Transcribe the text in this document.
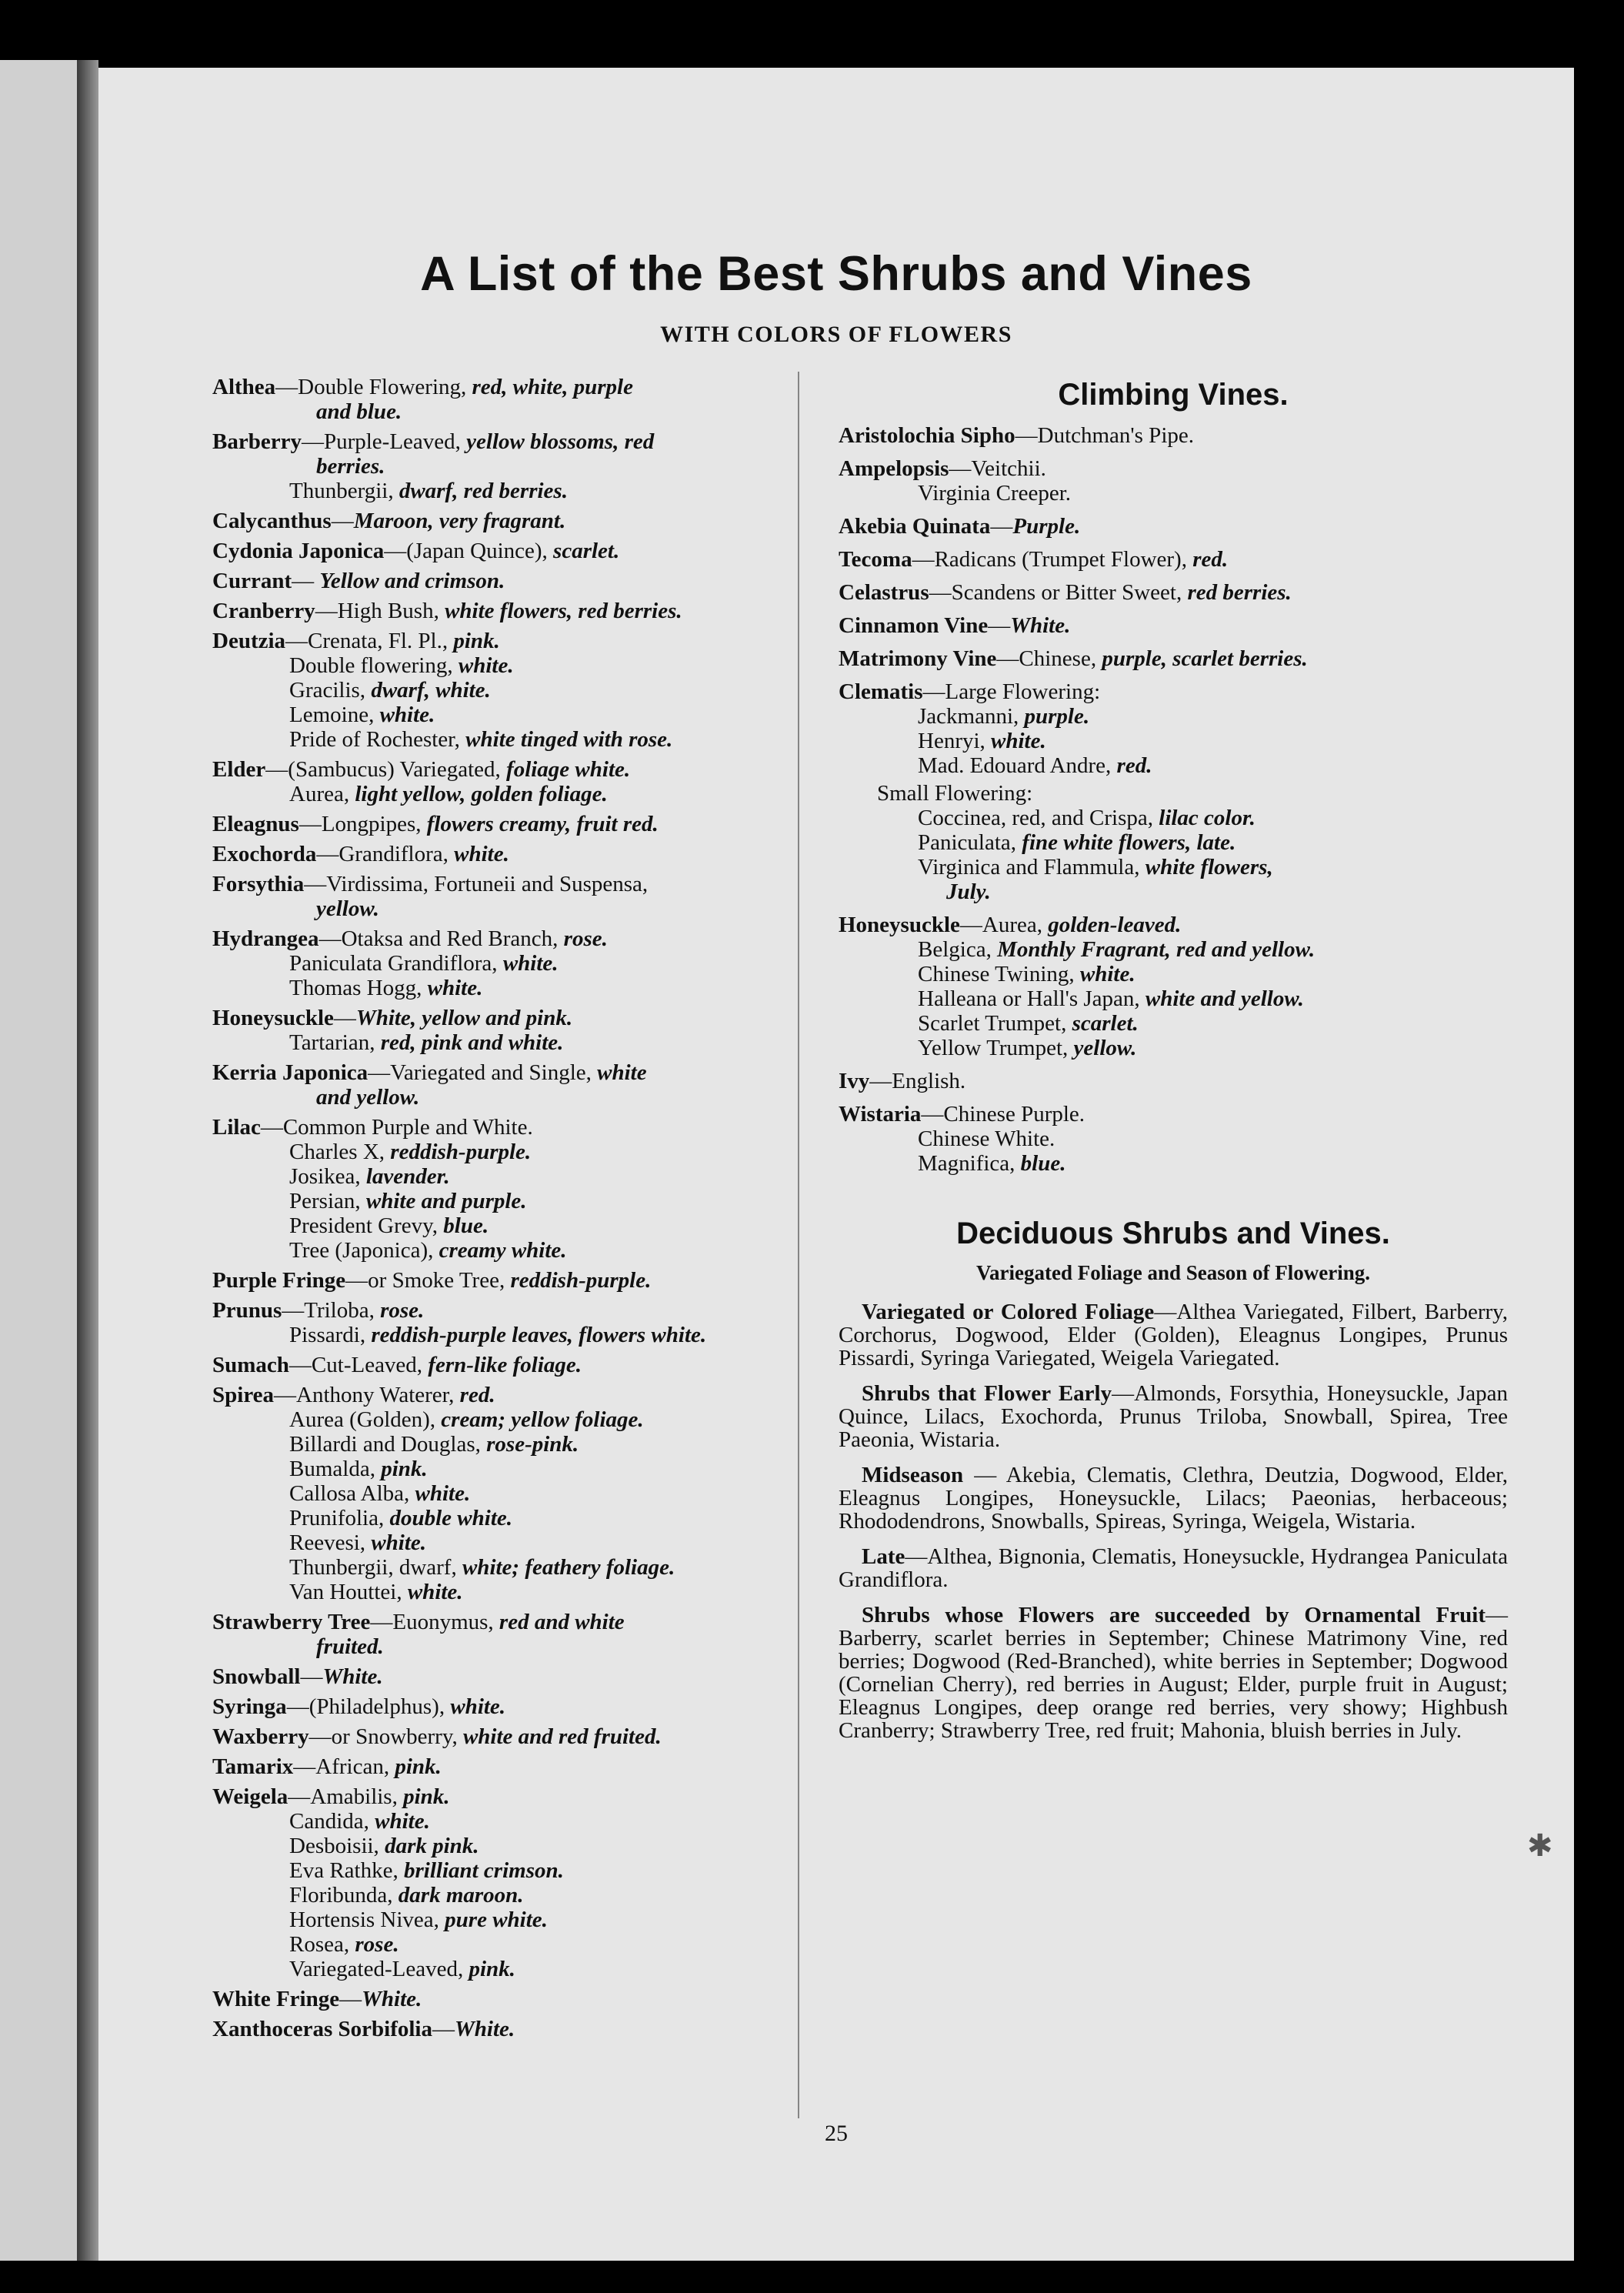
A List of the Best Shrubs and Vines
WITH COLORS OF FLOWERS
Althea—Double Flowering, red, white, purple
and blue.
Barberry—Purple-Leaved, yellow blossoms, red
berries.
Thunbergii, dwarf, red berries.
Calycanthus—Maroon, very fragrant.
Cydonia Japonica—(Japan Quince), scarlet.
Currant— Yellow and crimson.
Cranberry—High Bush, white flowers, red berries.
Deutzia—Crenata, Fl. Pl., pink.
Double flowering, white.
Gracilis, dwarf, white.
Lemoine, white.
Pride of Rochester, white tinged with rose.
Elder—(Sambucus) Variegated, foliage white.
Aurea, light yellow, golden foliage.
Eleagnus—Longpipes, flowers creamy, fruit red.
Exochorda—Grandiflora, white.
Forsythia—Virdissima, Fortuneii and Suspensa,
yellow.
Hydrangea—Otaksa and Red Branch, rose.
Paniculata Grandiflora, white.
Thomas Hogg, white.
Honeysuckle—White, yellow and pink.
Tartarian, red, pink and white.
Kerria Japonica—Variegated and Single, white
and yellow.
Lilac—Common Purple and White.
Charles X, reddish-purple.
Josikea, lavender.
Persian, white and purple.
President Grevy, blue.
Tree (Japonica), creamy white.
Purple Fringe—or Smoke Tree, reddish-purple.
Prunus—Triloba, rose.
Pissardi, reddish-purple leaves, flowers white.
Sumach—Cut-Leaved, fern-like foliage.
Spirea—Anthony Waterer, red.
Aurea (Golden), cream; yellow foliage.
Billardi and Douglas, rose-pink.
Bumalda, pink.
Callosa Alba, white.
Prunifolia, double white.
Reevesi, white.
Thunbergii, dwarf, white; feathery foliage.
Van Houttei, white.
Strawberry Tree—Euonymus, red and white
fruited.
Snowball—White.
Syringa—(Philadelphus), white.
Waxberry—or Snowberry, white and red fruited.
Tamarix—African, pink.
Weigela—Amabilis, pink.
Candida, white.
Desboisii, dark pink.
Eva Rathke, brilliant crimson.
Floribunda, dark maroon.
Hortensis Nivea, pure white.
Rosea, rose.
Variegated-Leaved, pink.
White Fringe—White.
Xanthoceras Sorbifolia—White.
Climbing Vines.
Aristolochia Sipho—Dutchman's Pipe.
Ampelopsis—Veitchii.
Virginia Creeper.
Akebia Quinata—Purple.
Tecoma—Radicans (Trumpet Flower), red.
Celastrus—Scandens or Bitter Sweet, red berries.
Cinnamon Vine—White.
Matrimony Vine—Chinese, purple, scarlet berries.
Clematis—Large Flowering:
Jackmanni, purple.
Henryi, white.
Mad. Edouard Andre, red.
Small Flowering:
Coccinea, red, and Crispa, lilac color.
Paniculata, fine white flowers, late.
Virginica and Flammula, white flowers,
July.
Honeysuckle—Aurea, golden-leaved.
Belgica, Monthly Fragrant, red and yellow.
Chinese Twining, white.
Halleana or Hall's Japan, white and yellow.
Scarlet Trumpet, scarlet.
Yellow Trumpet, yellow.
Ivy—English.
Wistaria—Chinese Purple.
Chinese White.
Magnifica, blue.
Deciduous Shrubs and Vines.
Variegated Foliage and Season of Flowering.
Variegated or Colored Foliage—Althea Variegated, Filbert, Barberry, Corchorus, Dogwood, Elder (Golden), Eleagnus Longipes, Prunus Pissardi, Syringa Variegated, Weigela Variegated.
Shrubs that Flower Early—Almonds, Forsythia, Honeysuckle, Japan Quince, Lilacs, Exochorda, Prunus Triloba, Snowball, Spirea, Tree Paeonia, Wistaria.
Midseason — Akebia, Clematis, Clethra, Deutzia, Dogwood, Elder, Eleagnus Longipes, Honeysuckle, Lilacs; Paeonias, herbaceous; Rhododendrons, Snowballs, Spireas, Syringa, Weigela, Wistaria.
Late—Althea, Bignonia, Clematis, Honeysuckle, Hydrangea Paniculata Grandiflora.
Shrubs whose Flowers are succeeded by Ornamental Fruit—Barberry, scarlet berries in September; Chinese Matrimony Vine, red berries; Dogwood (Red-Branched), white berries in September; Dogwood (Cornelian Cherry), red berries in August; Elder, purple fruit in August; Eleagnus Longipes, deep orange red berries, very showy; Highbush Cranberry; Strawberry Tree, red fruit; Mahonia, bluish berries in July.
25
✱
